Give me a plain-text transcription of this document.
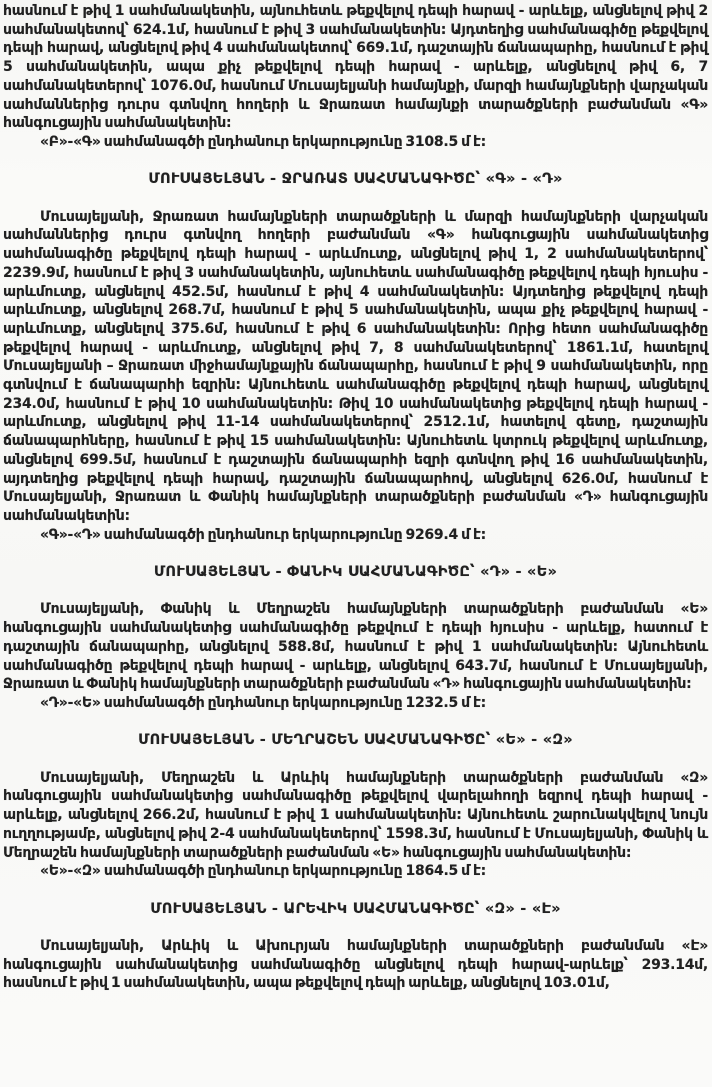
հասնում է թիվ 1 սահմանակետին, այնուհետև թեքվելով դեպի հարավ - արևելք, անցնելով թիվ 2 սահմանակետով՝ 624.1մ, հասնում է թիվ 3 սահմանակետին: Այդտեղից սահմանագիծը թեքվելով դեպի հարավ, անցնելով թիվ 4 սահմանակետով՝ 669.1մ, դաշտային ճանապարհը, հասնում է թիվ 5 սահմանակետին, ապա քիչ թեքվելով դեպի հարավ - արևելք, անցնելով թիվ 6, 7 սահմանակետերով՝ 1076.0մ, հասնում Մուսայելյանի համայնքի, մարզի համայնքների վարչական սահմաններից դուրս գտնվող հողերի և Ջրառատ համայնքի տարածքների բաժանման «Գ» հանգուցային սահմանակետին:
«Բ»-«Գ» սահմանագծի ընդհանուր երկարությունը 3108.5 մ է:
ՄՈՒՍԱՅԵԼՅԱՆ - ՋՐԱՌԱՏ ՍԱՀՄԱՆԱԳԻԾԸ՝ «Գ» - «Դ»
Մուսայելյանի, Ջրառատ համայնքների տարածքների և մարզի համայնքների վարչական սահմաններից դուրս գտնվող հողերի բաժանման «Գ» հանգուցային սահմանակետից սահմանագիծը թեքվելով դեպի հարավ - արևմուտք, անցնելով թիվ 1, 2 սահմանակետերով՝ 2239.9մ, հասնում է թիվ 3 սահմանակետին, այնուհետև սահմանագիծը թեքվելով դեպի հյուսիս - արևմուտք, անցնելով 452.5մ, հասնում է թիվ 4 սահմանակետին: Այդտեղից թեքվելով դեպի արևմուտք, անցնելով 268.7մ, հասնում է թիվ 5 սահմանակետին, ապա քիչ թեքվելով հարավ - արևմուտք, անցնելով 375.6մ, հասնում է թիվ 6 սահմանակետին: Որից հետո սահմանագիծը թեքվելով հարավ - արևմուտք, անցնելով թիվ 7, 8 սահմանակետերով՝ 1861.1մ, հատելով Մուսայելյանի – Ջրառատ միջհամայնքային ճանապարհը, հասնում է թիվ 9 սահմանակետին, որը գտնվում է ճանապարհի եզրին: Այնուհետև սահմանագիծը թեքվելով դեպի հարավ, անցնելով 234.0մ, հասնում է թիվ 10 սահմանակետին: Թիվ 10 սահմանակետից թեքվելով դեպի հարավ - արևմուտք, անցնելով թիվ 11-14 սահմանակետերով՝ 2512.1մ, հատելով գետը, դաշտային ճանապարհները, հասնում է թիվ 15 սահմանակետին: Այնուհետև կտրուկ թեքվելով արևմուտք, անցնելով 699.5մ, հասնում է դաշտային ճանապարհի եզրի գտնվող թիվ 16 սահմանակետին, այդտեղից թեքվելով դեպի հարավ, դաշտային ճանապարհով, անցնելով 626.0մ, հասնում է Մուսայելյանի, Ջրառատ և Փանիկ համայնքների տարածքների բաժանման «Դ» հանգուցային սահմանակետին:
«Գ»-«Դ» սահմանագծի ընդհանուր երկարությունը 9269.4 մ է:
ՄՈՒՍԱՅԵԼՅԱՆ - ՓԱՆԻԿ ՍԱՀՄԱՆԱԳԻԾԸ՝ «Դ» - «Ե»
Մուսայելյանի, Փանիկ և Մեղրաշեն համայնքների տարածքների բաժանման «Ե» հանգուցային սահմանակետից սահմանագիծը թեքվում է դեպի հյուսիս - արևելք, հատում է դաշտային ճանապարհը, անցնելով 588.8մ, հասնում է թիվ 1 սահմանակետին: Այնուհետև սահմանագիծը թեքվելով դեպի հարավ - արևելք, անցնելով 643.7մ, հասնում է Մուսայելյանի, Ջրառատ և Փանիկ համայնքների տարածքների բաժանման «Դ» հանգուցային սահմանակետին:
«Դ»-«Ե» սահմանագծի ընդհանուր երկարությունը 1232.5 մ է:
ՄՈՒՍԱՅԵԼՅԱՆ - ՄԵՂՐԱՇԵՆ ՍԱՀՄԱՆԱԳԻԾԸ՝ «Ե» - «Զ»
Մուսայելյանի, Մեղրաշեն և Արևիկ համայնքների տարածքների բաժանման «Զ» հանգուցային սահմանակետից սահմանագիծը թեքվելով վարելահողի եզրով դեպի հարավ - արևելք, անցնելով 266.2մ, հասնում է թիվ 1 սահմանակետին: Այնուհետև շարունակվելով նույն ուղղությամբ, անցնելով թիվ 2-4 սահմանակետերով՝ 1598.3մ, հասնում է Մուսայելյանի, Փանիկ և Մեղրաշեն համայնքների տարածքների բաժանման «Ե» հանգուցային սահմանակետին:
«Ե»-«Զ» սահմանագծի ընդհանուր երկարությունը 1864.5 մ է:
ՄՈՒՍԱՅԵԼՅԱՆ - ԱՐԵՎԻԿ ՍԱՀՄԱՆԱԳԻԾԸ՝ «Զ» - «Է»
Մուսայելյանի, Արևիկ և Ախուրյան համայնքների տարածքների բաժանման «Է» հանգուցային սահմանակետից սահմանագիծը անցնելով դեպի հարավ-արևելք՝ 293.14մ, հասնում է թիվ 1 սահմանակետին, ապա թեքվելով դեպի արևելք, անցնելով 103.01մ,
